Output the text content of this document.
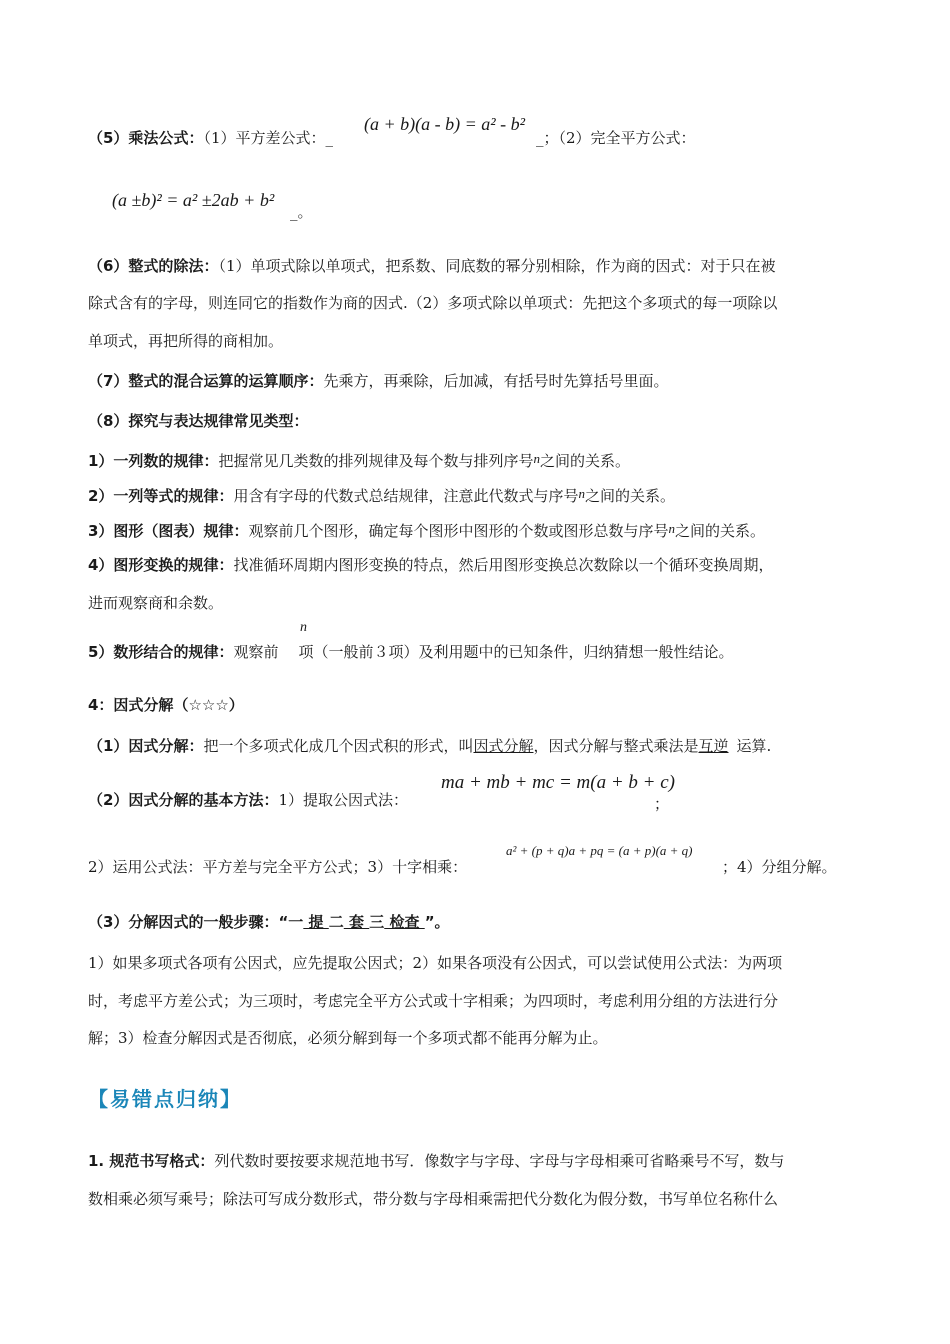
（5）乘法公式：（1）平方差公式：_
(a + b)(a - b) = a² - b²
_；（2）完全平方公式：
(a ±b)² = a² ±2ab + b²
_。
（6）整式的除法：（1）单项式除以单项式，把系数、同底数的幂分别相除，作为商的因式：对于只在被
除式含有的字母，则连同它的指数作为商的因式.（2）多项式除以单项式：先把这个多项式的每一项除以
单项式，再把所得的商相加。
（7）整式的混合运算的运算顺序：先乘方，再乘除，后加减，有括号时先算括号里面。
（8）探究与表达规律常见类型：
1）一列数的规律：把握常见几类数的排列规律及每个数与排列序号n之间的关系。
2）一列等式的规律：用含有字母的代数式总结规律，注意此代数式与序号n之间的关系。
3）图形（图表）规律：观察前几个图形，确定每个图形中图形的个数或图形总数与序号n之间的关系。
4）图形变换的规律：找准循环周期内图形变换的特点，然后用图形变换总次数除以一个循环变换周期，
进而观察商和余数。
n
5）数形结合的规律：观察前 项（一般前３项）及利用题中的已知条件，归纳猜想一般性结论。
4：因式分解（☆☆☆）
（1）因式分解：把一个多项式化成几个因式积的形式，叫因式分解，因式分解与整式乘法是互逆 运算.
（2）因式分解的基本方法：1）提取公因式法：
ma + mb + mc = m(a + b + c)
；
2）运用公式法：平方差与完全平方公式；3）十字相乘：
a² + (p + q)a + pq = (a + p)(a + q)
；4）分组分解。
（3）分解因式的一般步骤：“一 提 二 套 三 检查 ”。
1）如果多项式各项有公因式，应先提取公因式；2）如果各项没有公因式，可以尝试使用公式法：为两项
时，考虑平方差公式；为三项时，考虑完全平方公式或十字相乘；为四项时，考虑利用分组的方法进行分
解；3）检查分解因式是否彻底，必须分解到每一个多项式都不能再分解为止。
【易错点归纳】
1. 规范书写格式：列代数时要按要求规范地书写．像数字与字母、字母与字母相乘可省略乘号不写，数与
数相乘必须写乘号；除法可写成分数形式，带分数与字母相乘需把代分数化为假分数，书写单位名称什么
